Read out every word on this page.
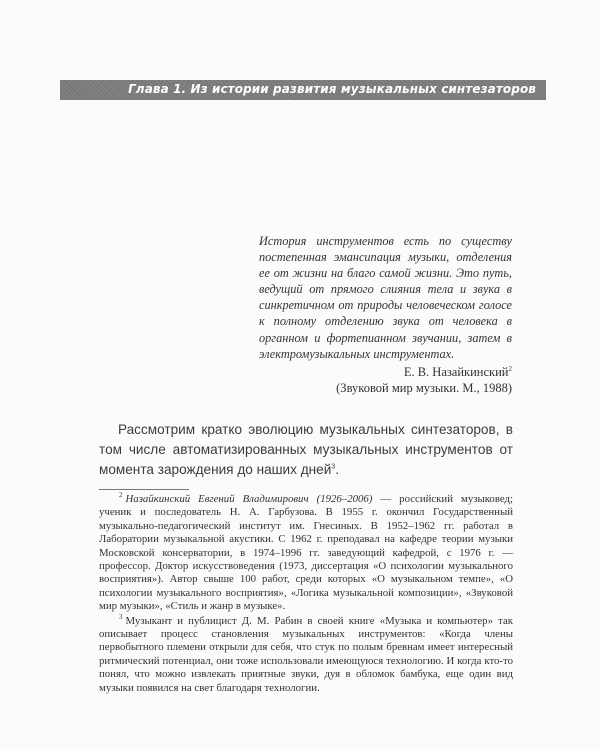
Глава 1. Из истории развития музыкальных синтезаторов

История инструментов есть по существу постепенная эмансипация музыки, отделения ее от жизни на благо самой жизни. Это путь, ведущий от прямого слияния тела и звука в синкретичном от природы человеческом голосе к полному отделению звука от человека в органном и фортепианном звучании, затем в электромузыкальных инструментах.

Е. В. Назайкинский$^2$
(Звуковой мир музыки. М., 1988)

Рассмотрим кратко эволюцию музыкальных синтезаторов, в том числе автоматизированных музыкальных инструментов от момента зарождения до наших дней$^3$.

$^2$ Назайкинский Евгений Владимирович (1926–2006) — российский музыковед; ученик и последователь Н. А. Гарбузова. В 1955 г. окончил Государственный музыкально-педагогический институт им. Гнесиных. В 1952–1962 гг. работал в Лаборатории музыкальной акустики. С 1962 г. преподавал на кафедре теории музыки Московской консерватории, в 1974–1996 гг. заведующий кафедрой, с 1976 г. — профессор. Доктор искусствоведения (1973, диссертация «О психологии музыкального восприятия»). Автор свыше 100 работ, среди которых «О музыкальном темпе», «О психологии музыкального восприятия», «Логика музыкальной композиции», «Звуковой мир музыки», «Стиль и жанр в музыке».

$^3$ Музыкант и публицист Д. М. Рабин в своей книге «Музыка и компьютер» так описывает процесс становления музыкальных инструментов: «Когда члены первобытного племени открыли для себя, что стук по полым бревнам имеет интересный ритмический потенциал, они тоже использовали имеющуюся технологию. И когда кто-то понял, что можно извлекать приятные звуки, дуя в обломок бамбука, еще один вид музыки появился на свет благодаря технологии.
